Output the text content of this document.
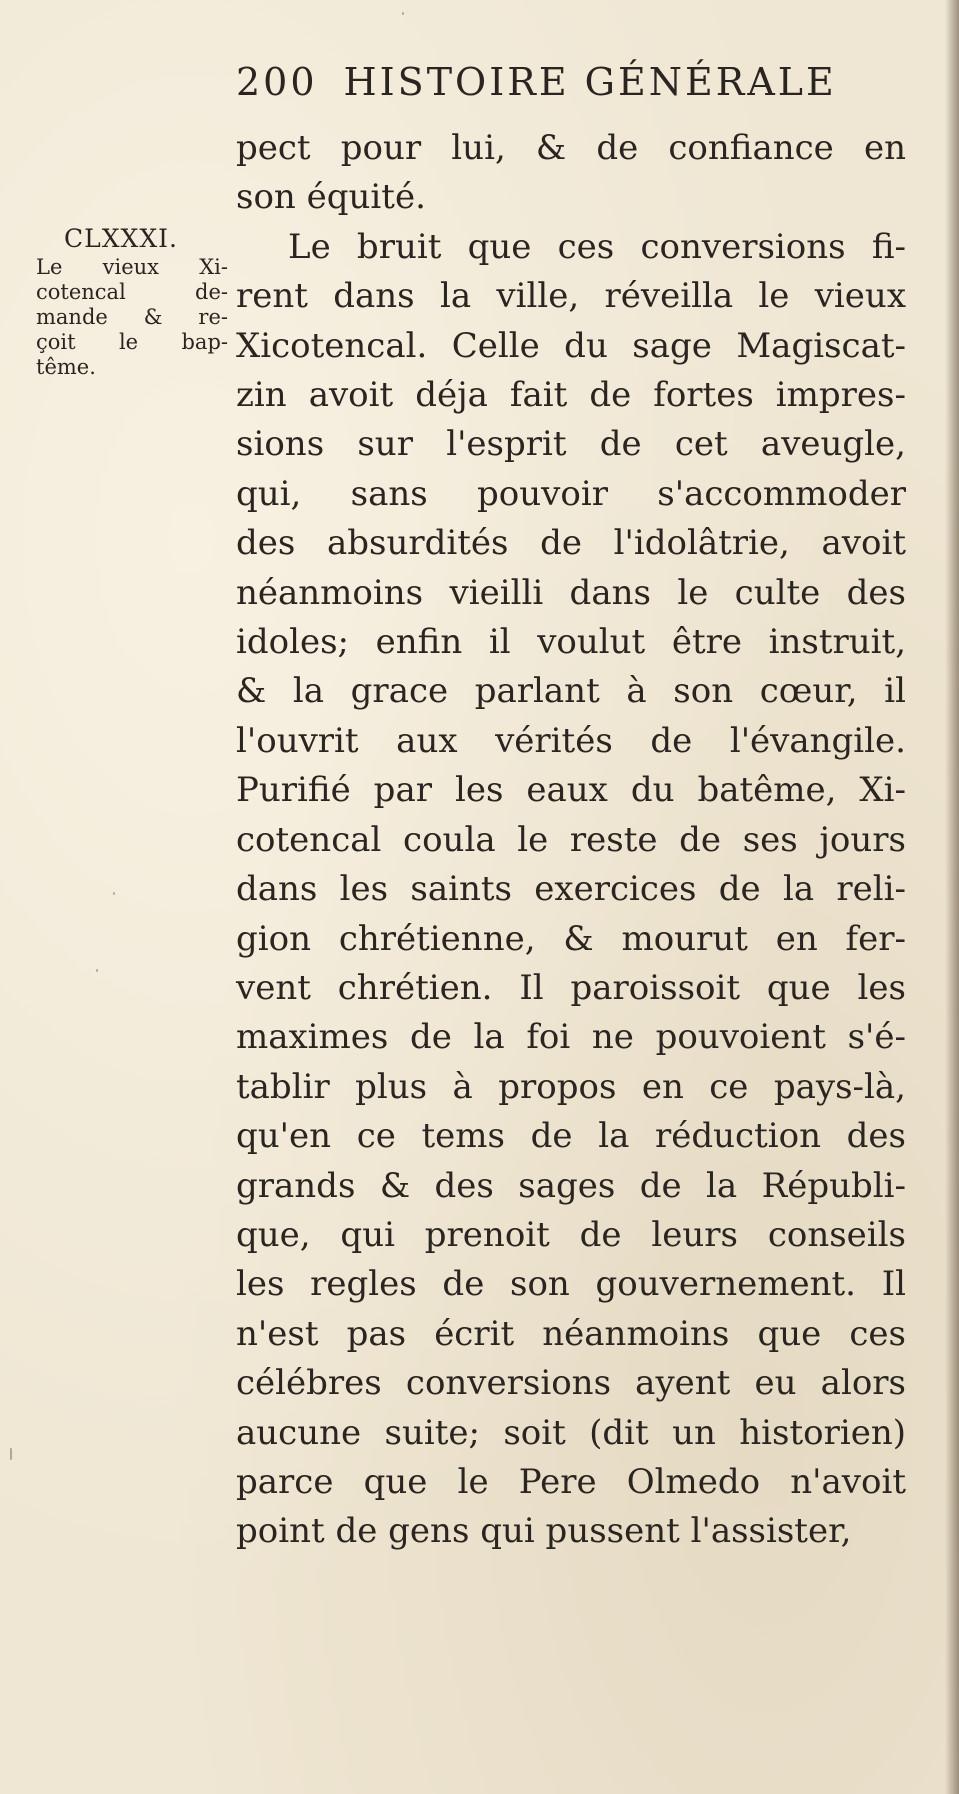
200 HISTOIRE GÉNÉRALE
CLXXXI.
Le vieux Xi-
cotencal de-
mande & re-
çoit le bap-
tême.
pect pour lui, & de confiance en
son équité.
Le bruit que ces conversions fi-
rent dans la ville, réveilla le vieux
Xicotencal. Celle du sage Magiscat-
zin avoit déja fait de fortes impres-
sions sur l'esprit de cet aveugle,
qui, sans pouvoir s'accommoder
des absurdités de l'idolâtrie, avoit
néanmoins vieilli dans le culte des
idoles; enfin il voulut être instruit,
& la grace parlant à son cœur, il
l'ouvrit aux vérités de l'évangile.
Purifié par les eaux du batême, Xi-
cotencal coula le reste de ses jours
dans les saints exercices de la reli-
gion chrétienne, & mourut en fer-
vent chrétien. Il paroissoit que les
maximes de la foi ne pouvoient s'é-
tablir plus à propos en ce pays-là,
qu'en ce tems de la réduction des
grands & des sages de la Républi-
que, qui prenoit de leurs conseils
les regles de son gouvernement. Il
n'est pas écrit néanmoins que ces
célébres conversions ayent eu alors
aucune suite; soit (dit un historien)
parce que le Pere Olmedo n'avoit
point de gens qui pussent l'assister,
